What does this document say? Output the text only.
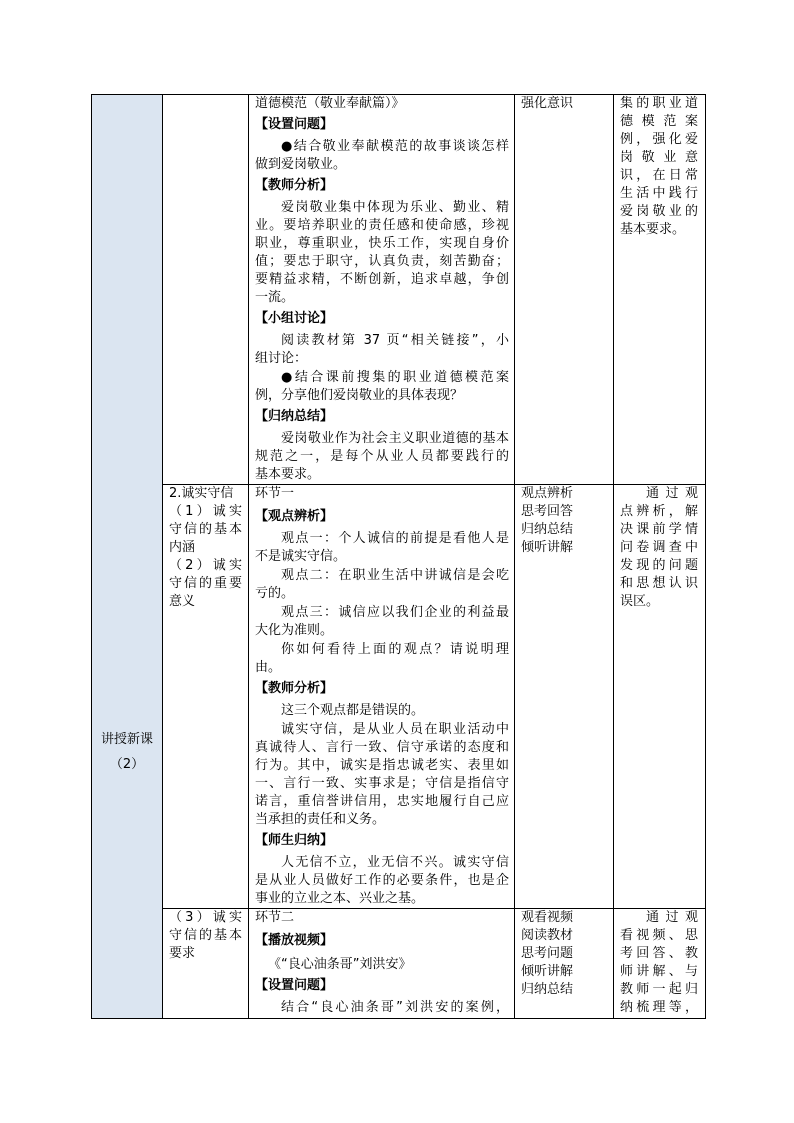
讲授新课
（2）
道德模范（敬业奉献篇）》
【设置问题】
●结合敬业奉献模范的故事谈谈怎样
做到爱岗敬业。
【教师分析】
爱岗敬业集中体现为乐业、勤业、精
业。要培养职业的责任感和使命感，珍视
职业，尊重职业，快乐工作，实现自身价
值；要忠于职守，认真负责，刻苦勤奋；
要精益求精，不断创新，追求卓越，争创
一流。
【小组讨论】
阅读教材第 37 页“相关链接”，小
组讨论：
●结合课前搜集的职业道德模范案
例，分享他们爱岗敬业的具体表现？
【归纳总结】
爱岗敬业作为社会主义职业道德的基本
规范之一，是每个从业人员都要践行的
基本要求。
强化意识	集的职业道
德模范案
例，强化爱
岗敬业意
识，在日常
生活中践行
爱岗敬业的
基本要求。
2.诚实守信
（1）诚实
守信的基本
内涵
（2）诚实
守信的重要
意义
环节一
【观点辨析】
观点一：个人诚信的前提是看他人是
不是诚实守信。
观点二：在职业生活中讲诚信是会吃
亏的。
观点三：诚信应以我们企业的利益最
大化为准则。
你如何看待上面的观点？请说明理
由。
【教师分析】
这三个观点都是错误的。
诚实守信，是从业人员在职业活动中
真诚待人、言行一致、信守承诺的态度和
行为。其中，诚实是指忠诚老实、表里如
一、言行一致、实事求是；守信是指信守
诺言，重信誉讲信用，忠实地履行自己应
当承担的责任和义务。
【师生归纳】
人无信不立，业无信不兴。诚实守信
是从业人员做好工作的必要条件，也是企
事业的立业之本、兴业之基。
观点辨析
思考回答
归纳总结
倾听讲解
通过观
点辨析，解
决课前学情
问卷调查中
发现的问题
和思想认识
误区。
（3）诚实
守信的基本
要求
环节二
【播放视频】
《“良心油条哥”刘洪安》
【设置问题】
结合“良心油条哥”刘洪安的案例，
观看视频
阅读教材
思考问题
倾听讲解
归纳总结
通过观
看视频、思
考回答、教
师讲解、与
教师一起归
纳梳理等，
